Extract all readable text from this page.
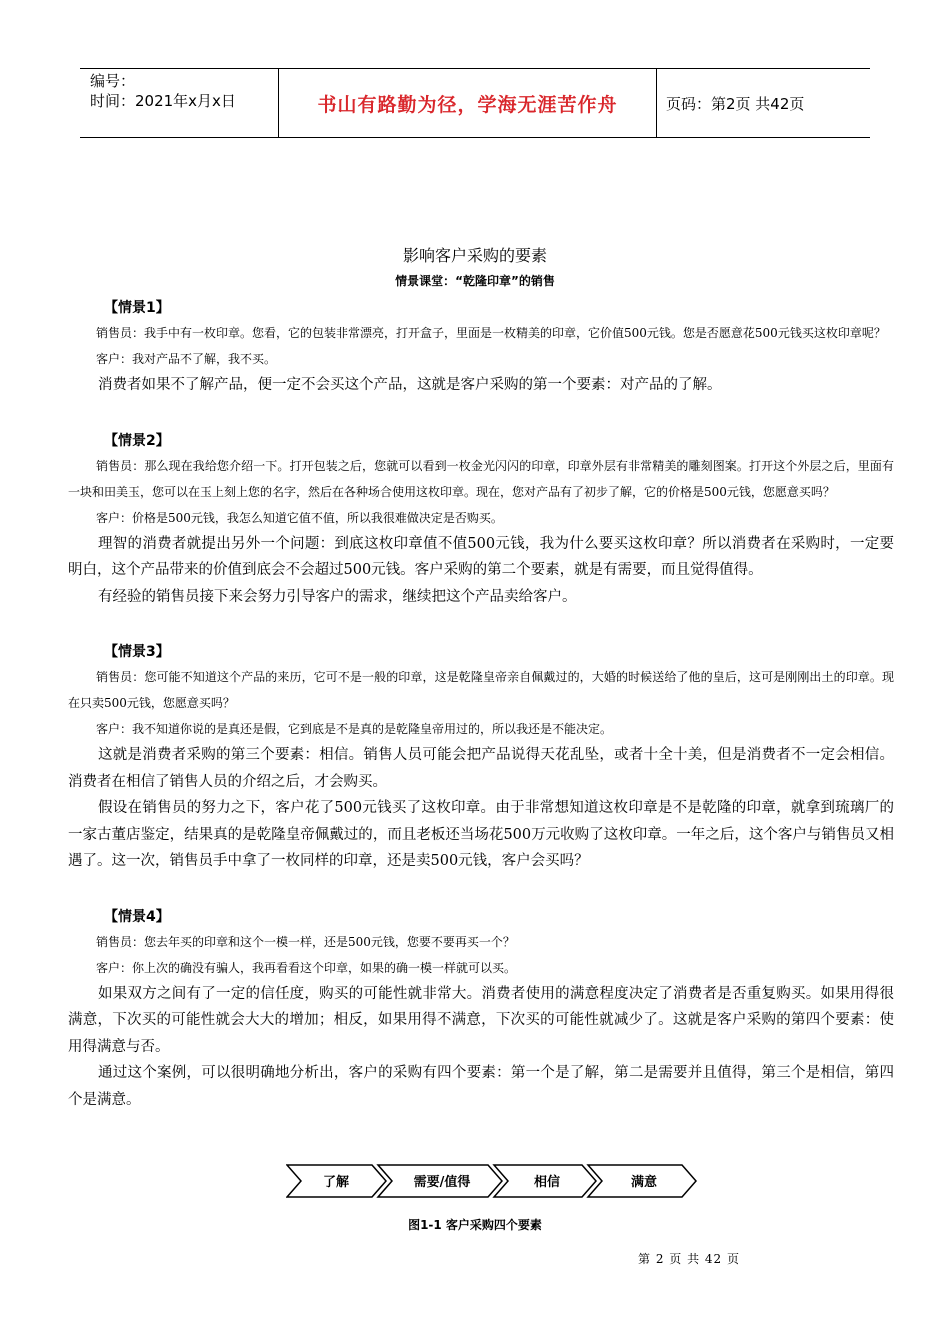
编号：
时间：2021年x月x日	书山有路勤为径，学海无涯苦作舟	页码：第2页 共42页
影响客户采购的要素
情景课堂：“乾隆印章”的销售
【情景1】

销售员：我手中有一枚印章。您看，它的包装非常漂亮，打开盒子，里面是一枚精美的印章，它价值500元钱。您是否愿意花500元钱买这枚印章呢？

客户：我对产品不了解，我不买。

消费者如果不了解产品，便一定不会买这个产品，这就是客户采购的第一个要素：对产品的了解。

【情景2】

销售员：那么现在我给您介绍一下。打开包装之后，您就可以看到一枚金光闪闪的印章，印章外层有非常精美的雕刻图案。打开这个外层之后，里面有一块和田美玉，您可以在玉上刻上您的名字，然后在各种场合使用这枚印章。现在，您对产品有了初步了解，它的价格是500元钱，您愿意买吗？

客户：价格是500元钱，我怎么知道它值不值，所以我很难做决定是否购买。

理智的消费者就提出另外一个问题：到底这枚印章值不值500元钱，我为什么要买这枚印章？所以消费者在采购时，一定要明白，这个产品带来的价值到底会不会超过500元钱。客户采购的第二个要素，就是有需要，而且觉得值得。

有经验的销售员接下来会努力引导客户的需求，继续把这个产品卖给客户。

【情景3】

销售员：您可能不知道这个产品的来历，它可不是一般的印章，这是乾隆皇帝亲自佩戴过的，大婚的时候送给了他的皇后，这可是刚刚出土的印章。现在只卖500元钱，您愿意买吗？

客户：我不知道你说的是真还是假，它到底是不是真的是乾隆皇帝用过的，所以我还是不能决定。

这就是消费者采购的第三个要素：相信。销售人员可能会把产品说得天花乱坠，或者十全十美，但是消费者不一定会相信。消费者在相信了销售人员的介绍之后，才会购买。

假设在销售员的努力之下，客户花了500元钱买了这枚印章。由于非常想知道这枚印章是不是乾隆的印章，就拿到琉璃厂的一家古董店鉴定，结果真的是乾隆皇帝佩戴过的，而且老板还当场花500万元收购了这枚印章。一年之后，这个客户与销售员又相遇了。这一次，销售员手中拿了一枚同样的印章，还是卖500元钱，客户会买吗？

【情景4】

销售员：您去年买的印章和这个一模一样，还是500元钱，您要不要再买一个？

客户：你上次的确没有骗人，我再看看这个印章，如果的确一模一样就可以买。

如果双方之间有了一定的信任度，购买的可能性就非常大。消费者使用的满意程度决定了消费者是否重复购买。如果用得很满意，下次买的可能性就会大大的增加；相反，如果用得不满意，下次买的可能性就减少了。这就是客户采购的第四个要素：使用得满意与否。

通过这个案例，可以很明确地分析出，客户的采购有四个要素：第一个是了解，第二是需要并且值得，第三个是相信，第四个是满意。

了解	需要/值得	相信	满意
图1-1 客户采购四个要素
第 2 页 共 42 页
